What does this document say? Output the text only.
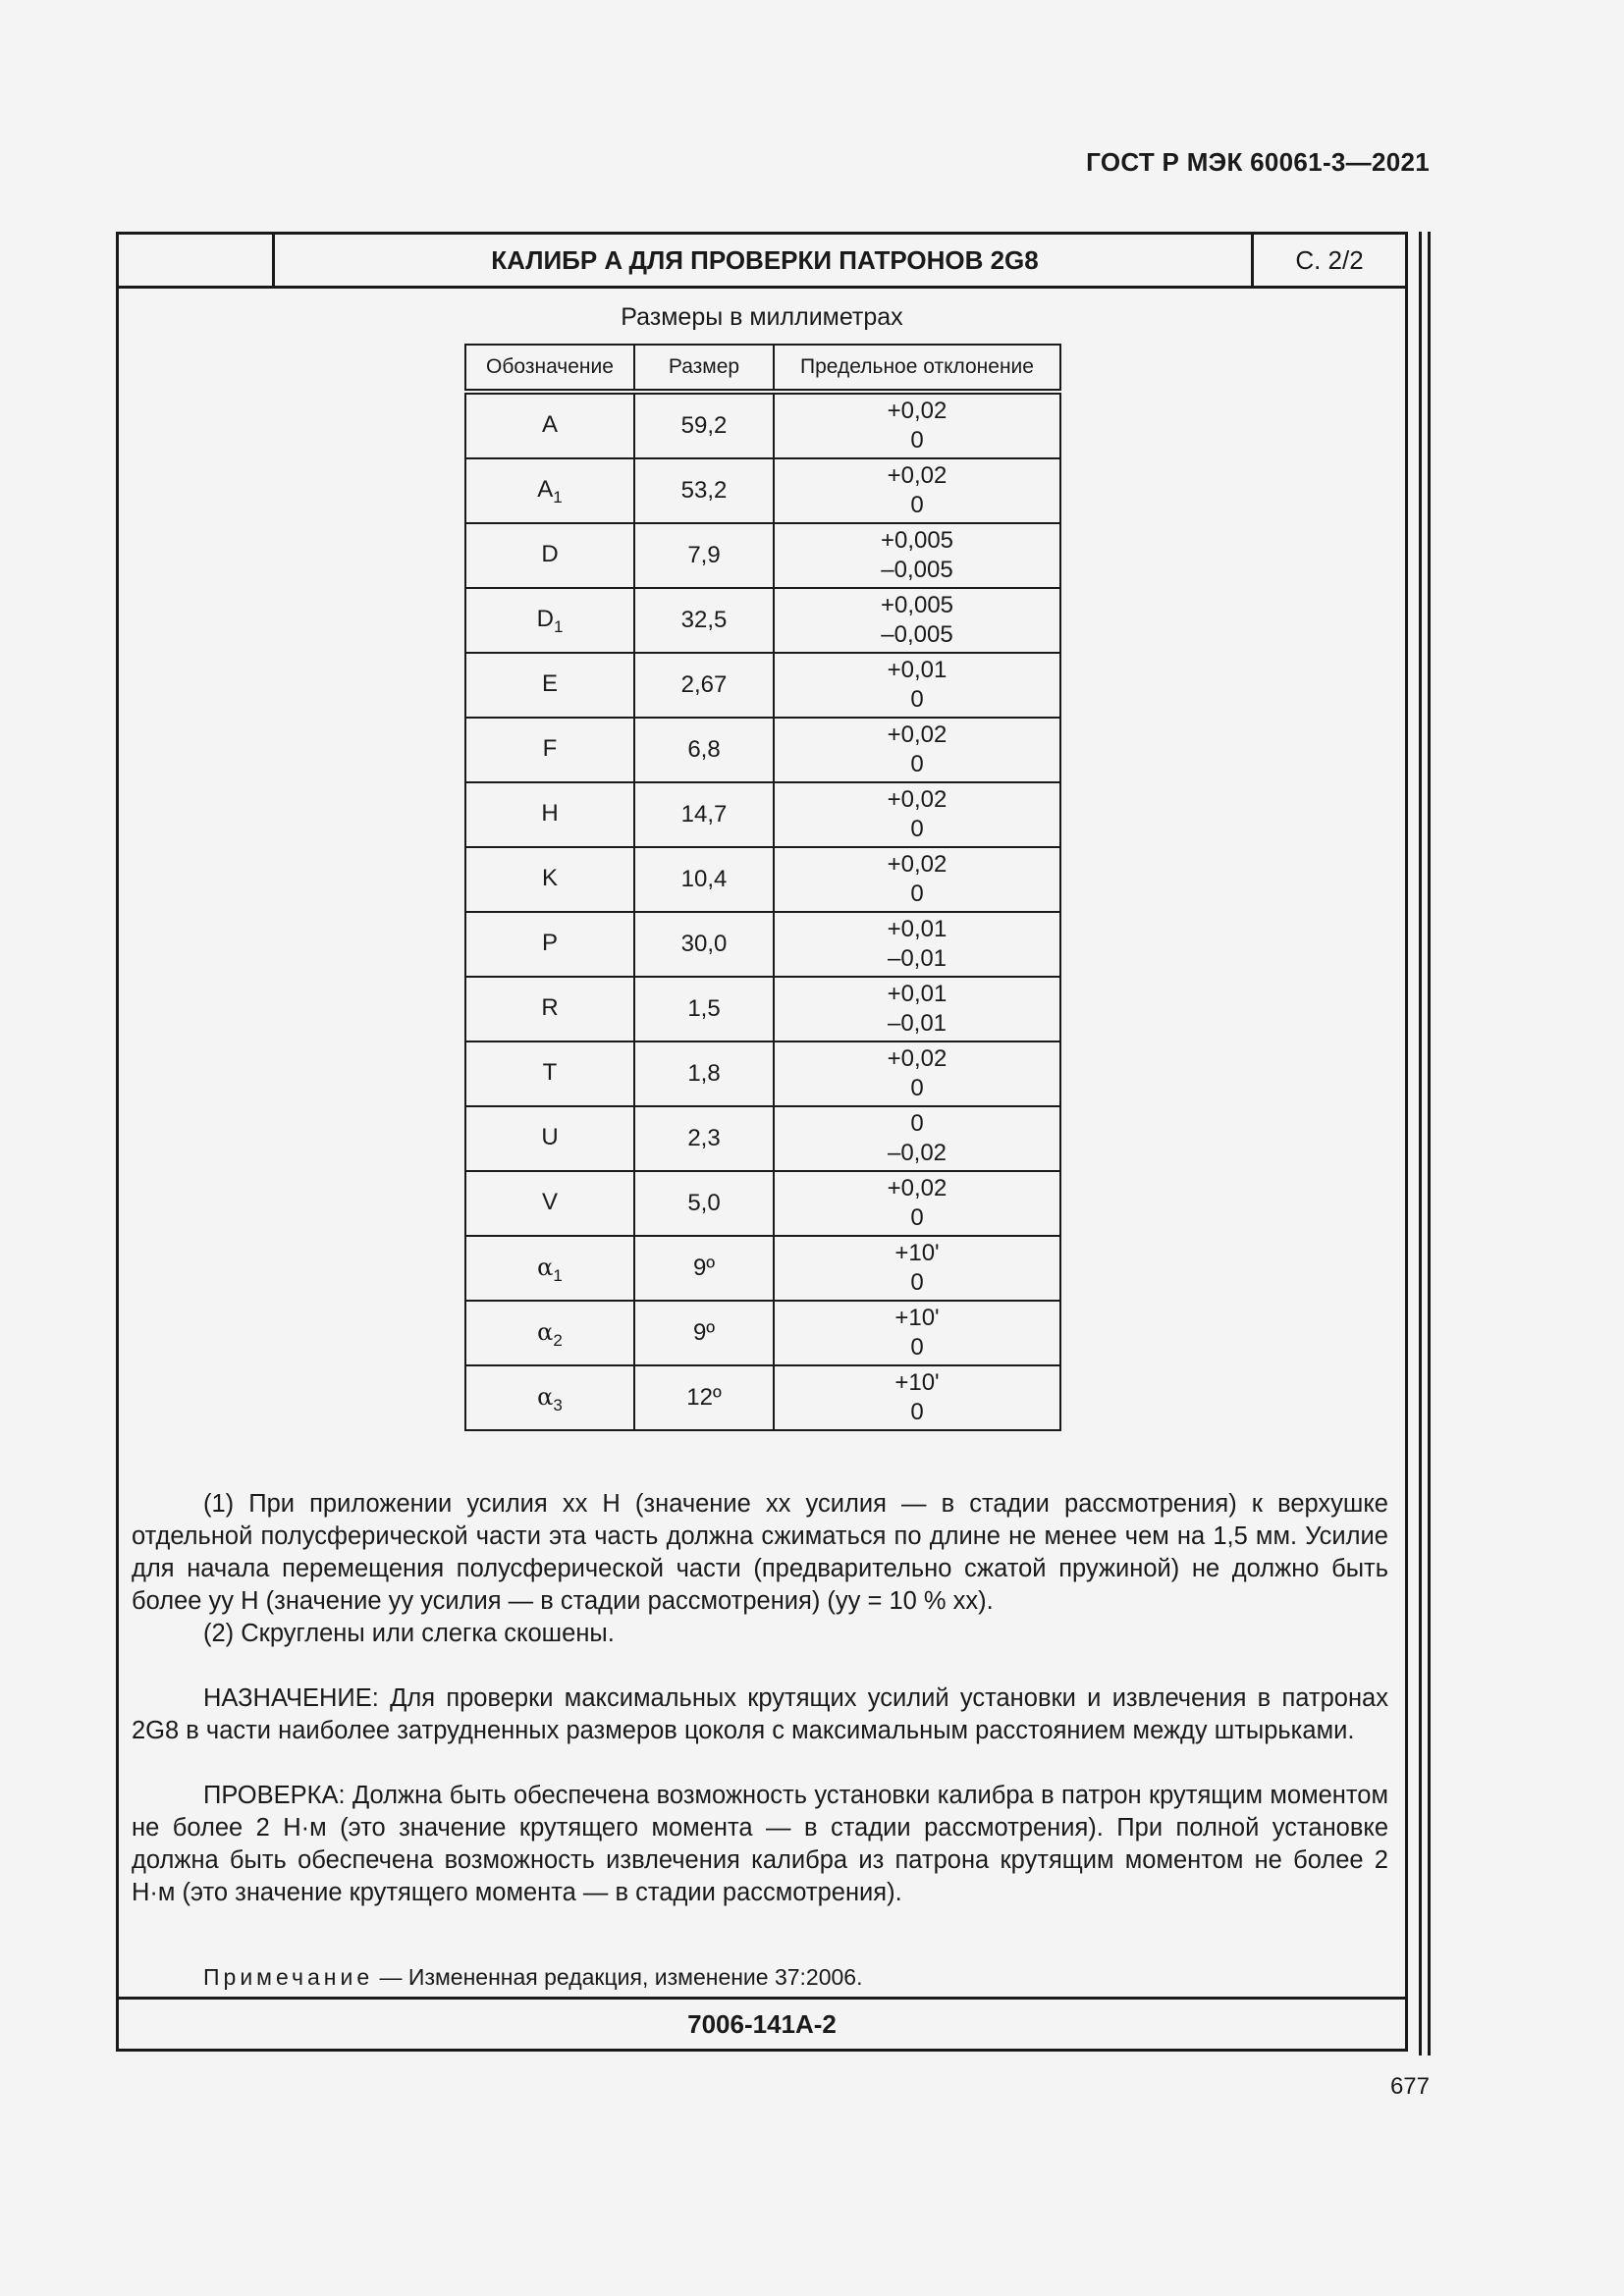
ГОСТ Р МЭК 60061-3—2021
КАЛИБР A ДЛЯ ПРОВЕРКИ ПАТРОНОВ 2G8	С. 2/2
Размеры в миллиметрах
Обозначение	Размер	Предельное отклонение
A	59,2	+0,02
0

$A_1$	53,2	+0,02
0

D	7,9	+0,005
–0,005

$D_1$	32,5	+0,005
–0,005

E	2,67	+0,01
0

F	6,8	+0,02
0

H	14,7	+0,02
0

K	10,4	+0,02
0

P	30,0	+0,01
–0,01

R	1,5	+0,01
–0,01

T	1,8	+0,02
0

U	2,3	0
–0,02

V	5,0	+0,02
0

$\alpha_1$	9º	+10'
0

$\alpha_2$	9º	+10'
0

$\alpha_3$	12º	+10'
0

(1) При приложении усилия хх Н (значение хх усилия — в стадии рассмотрения) к верхушке отдельной полусферической части эта часть должна сжиматься по длине не менее чем на 1,5 мм. Усилие для начала перемещения полусферической части (предварительно сжатой пружиной) не должно быть более уу Н (значение уу усилия — в стадии рассмотрения) (уу = 10 % хх).

(2) Скруглены или слегка скошены.

НАЗНАЧЕНИЕ: Для проверки максимальных крутящих усилий установки и извлечения в патронах 2G8 в части наиболее затрудненных размеров цоколя с максимальным расстоянием между штырьками.

ПРОВЕРКА: Должна быть обеспечена возможность установки калибра в патрон крутящим моментом не более 2 Н·м (это значение крутящего момента — в стадии рассмотрения). При полной установке должна быть обеспечена возможность извлечения калибра из патрона крутящим моментом не более 2 Н·м (это значение крутящего момента — в стадии рассмотрения).

Примечание — Измененная редакция, изменение 37:2006.
7006-141A-2
677
